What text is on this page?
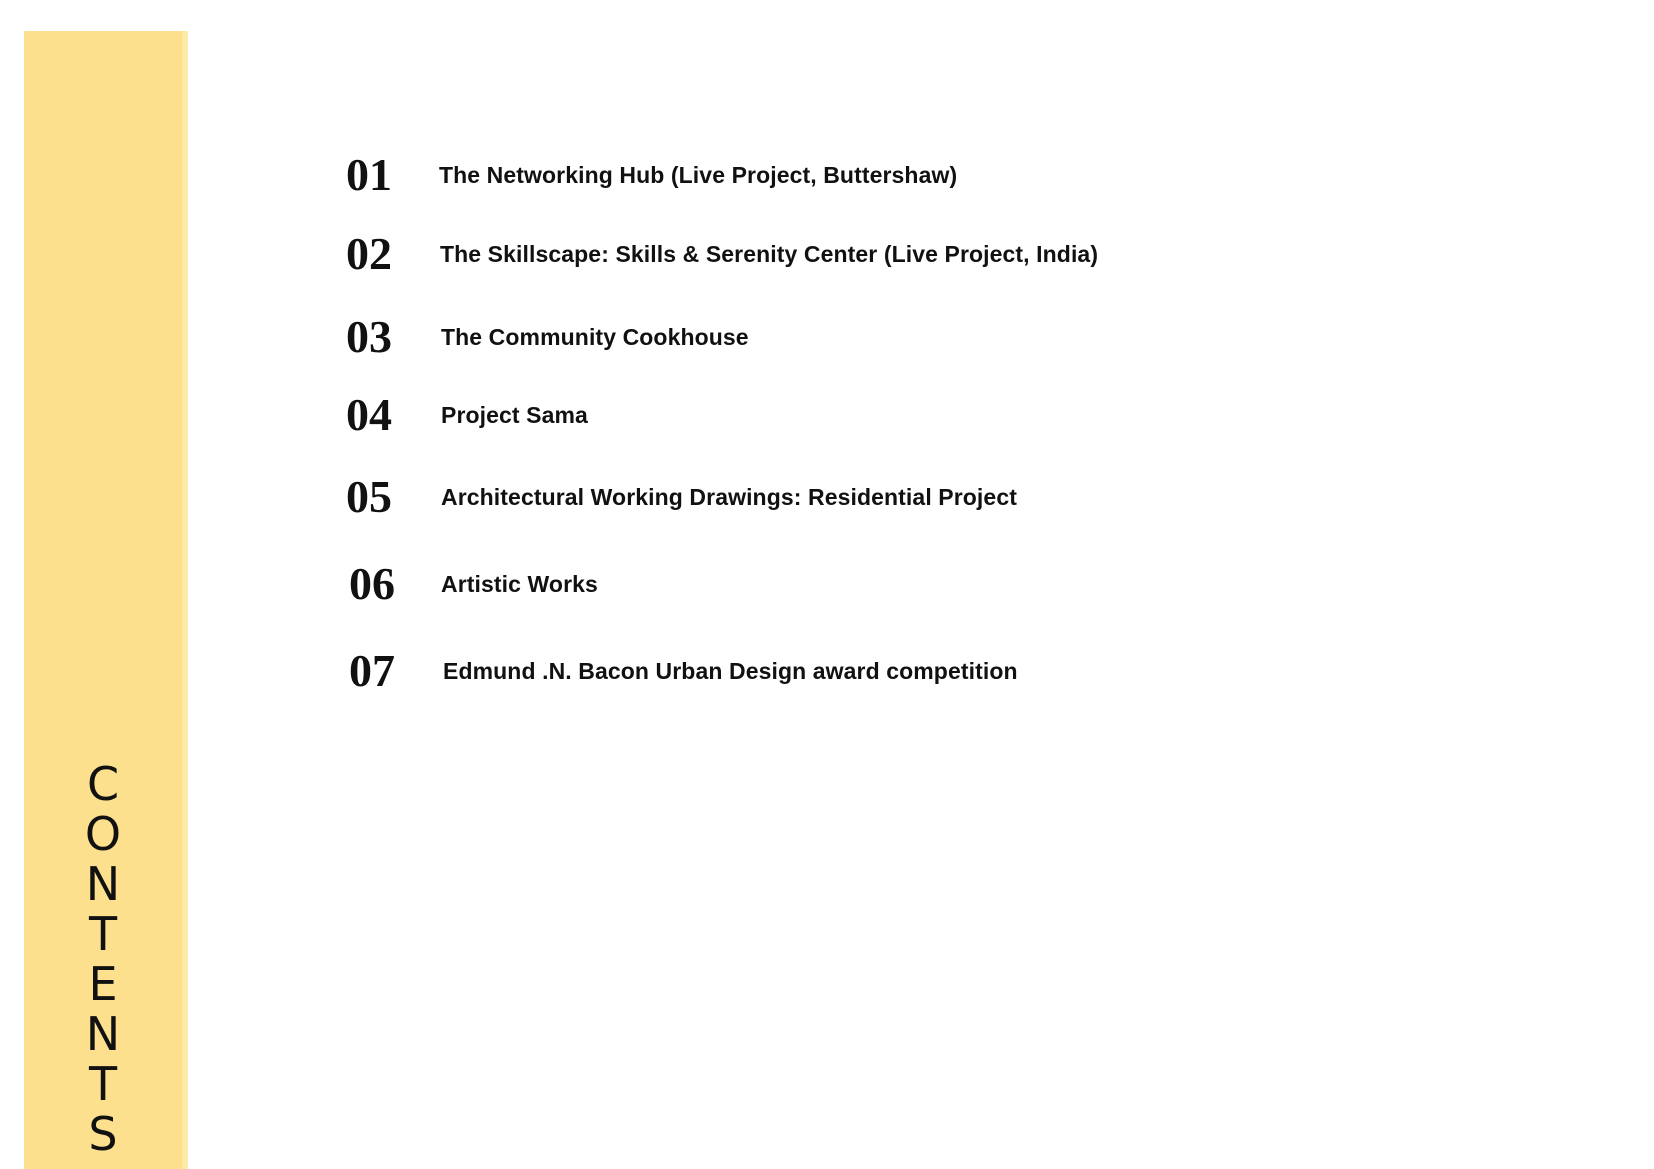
C
O
N
T
E
N
T
S
01	The Networking Hub (Live Project, Buttershaw)
02	The Skillscape: Skills & Serenity Center (Live Project, India)
03	The Community Cookhouse
04	Project Sama
05	Architectural Working Drawings: Residential Project
06	Artistic Works
07	Edmund .N. Bacon Urban Design award competition
